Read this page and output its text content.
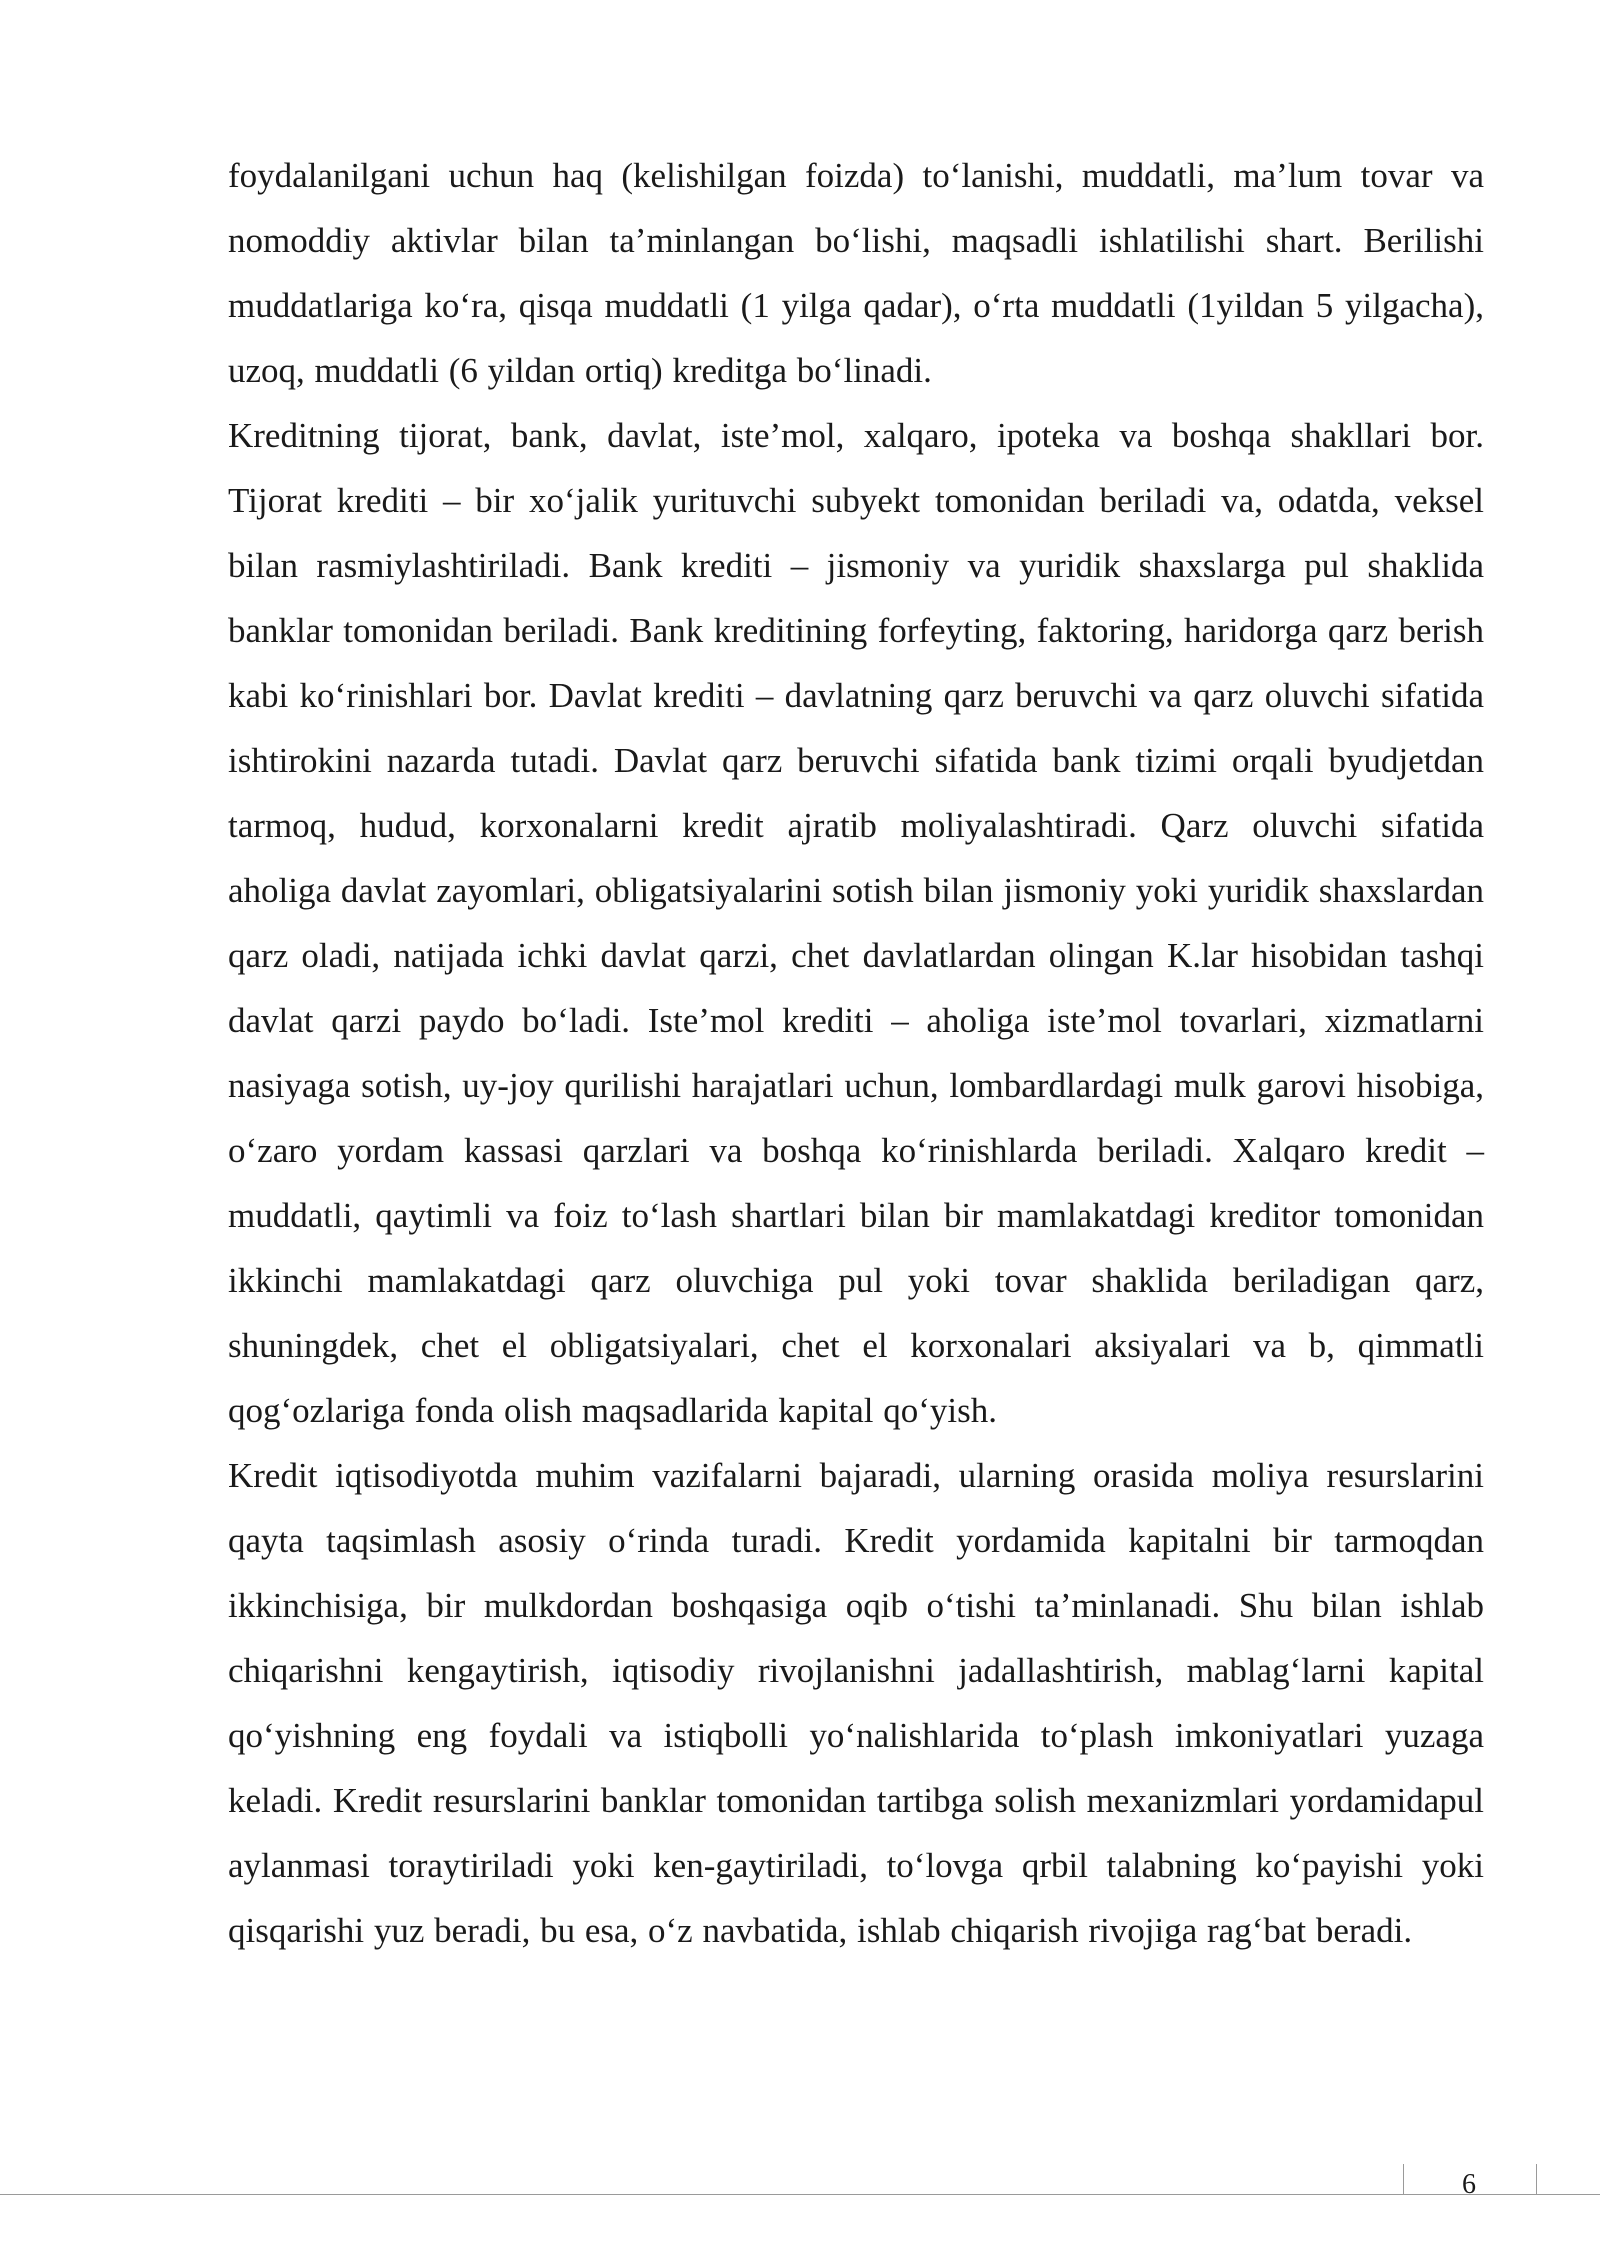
foydalanilgani uchun haq (kelishilgan foizda) to‘lanishi, muddatli, ma’lum tovar va nomoddiy aktivlar bilan ta’minlangan bo‘lishi, maqsadli ishlatilishi shart. Berilishi muddatlariga ko‘ra, qisqa muddatli (1 yilga qadar), o‘rta muddatli (1yildan 5 yilgacha), uzoq, muddatli (6 yildan ortiq) kreditga bo‘linadi.

Kreditning tijorat, bank, davlat, iste’mol, xalqaro, ipoteka va boshqa shakllari bor. Tijorat krediti – bir xo‘jalik yurituvchi subyekt tomonidan beriladi va, odatda, veksel bilan rasmiylashtiriladi. Bank krediti – jismoniy va yuridik shaxslarga pul shaklida banklar tomonidan beriladi. Bank kreditining forfeyting, faktoring, haridorga qarz berish kabi ko‘rinishlari bor. Davlat krediti – davlatning qarz beruvchi va qarz oluvchi sifatida ishtirokini nazarda tutadi. Davlat qarz beruvchi sifatida bank tizimi orqali byudjetdan tarmoq, hudud, korxonalarni kredit ajratib moliyalashtiradi. Qarz oluvchi sifatida aholiga davlat zayomlari, obligatsiyalarini sotish bilan jismoniy yoki yuridik shaxslardan qarz oladi, natijada ichki davlat qarzi, chet davlatlardan olingan K.lar hisobidan tashqi davlat qarzi paydo bo‘ladi. Iste’mol krediti – aholiga iste’mol tovarlari, xizmatlarni nasiyaga sotish, uy-joy qurilishi harajatlari uchun, lombardlardagi mulk garovi hisobiga, o‘zaro yordam kassasi qarzlari va boshqa ko‘rinishlarda beriladi. Xalqaro kredit – muddatli, qaytimli va foiz to‘lash shartlari bilan bir mamlakatdagi kreditor tomonidan ikkinchi mamlakatdagi qarz oluvchiga pul yoki tovar shaklida beriladigan qarz, shuningdek, chet el obligatsiyalari, chet el korxonalari aksiyalari va b, qimmatli qog‘ozlariga fonda olish maqsadlarida kapital qo‘yish.

Kredit iqtisodiyotda muhim vazifalarni bajaradi, ularning orasida moliya resurslarini qayta taqsimlash asosiy o‘rinda turadi. Kredit yordamida kapitalni bir tarmoqdan ikkinchisiga, bir mulkdordan boshqasiga oqib o‘tishi ta’minlanadi. Shu bilan ishlab chiqarishni kengaytirish, iqtisodiy rivojlanishni jadallashtirish, mablag‘larni kapital qo‘yishning eng foydali va istiqbolli yo‘nalishlarida to‘plash imkoniyatlari yuzaga keladi. Kredit resurslarini banklar tomonidan tartibga solish mexanizmlari yordamidapul aylanmasi toraytiriladi yoki ken-gaytiriladi, to‘lovga qrbil talabning ko‘payishi yoki qisqarishi yuz beradi, bu esa, o‘z navbatida, ishlab chiqarish rivojiga rag‘bat beradi.

6
